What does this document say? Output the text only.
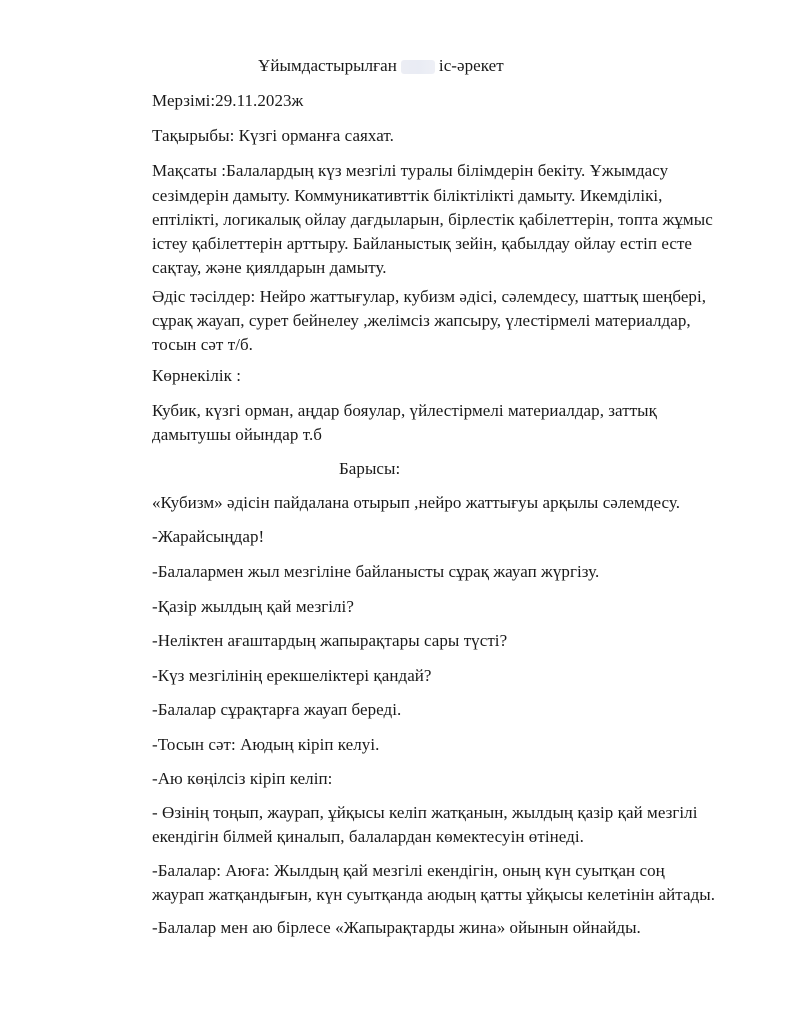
Ұйымдастырылған іс-әрекет
Мерзімі:29.11.2023ж
Тақырыбы: Күзгі орманға саяхат.
Мақсаты :Балалардың күз мезгілі туралы білімдерін бекіту. Ұжымдасу
сезімдерін дамыту. Коммуникативттік біліктілікті дамыту. Икемділікі,
ептілікті, логикалық ойлау дағдыларын, бірлестік қабілеттерін, топта жұмыс
істеу қабілеттерін арттыру. Байланыстық зейін, қабылдау ойлау естіп есте
сақтау, және қиялдарын дамыту.
Әдіс тәсілдер: Нейро жаттығулар, кубизм әдісі, сәлемдесу, шаттық шеңбері,
сұрақ жауап, сурет бейнелеу ,желімсіз жапсыру, үлестірмелі материалдар,
тосын сәт т/б.
Көрнекілік :
Кубик, күзгі орман, аңдар бояулар, үйлестірмелі материалдар, заттық
дамытушы ойындар т.б
Барысы:
«Кубизм» әдісін пайдалана отырып ,нейро жаттығуы арқылы сәлемдесу.
-Жарайсыңдар!
-Балалармен жыл мезгіліне байланысты сұрақ жауап жүргізу.
-Қазір жылдың қай мезгілі?
-Неліктен ағаштардың жапырақтары сары түсті?
-Күз мезгілінің ерекшеліктері қандай?
-Балалар сұрақтарға жауап береді.
-Тосын сәт: Аюдың кіріп келуі.
-Аю көңілсіз кіріп келіп:
- Өзінің тоңып, жаурап, ұйқысы келіп жатқанын, жылдың қазір қай мезгілі
екендігін білмей қиналып, балалардан көмектесуін өтінеді.
-Балалар: Аюға: Жылдың қай мезгілі екендігін, оның күн суытқан соң
жаурап жатқандығын, күн суытқанда аюдың қатты ұйқысы келетінін айтады.
-Балалар мен аю бірлесе «Жапырақтарды жина» ойынын ойнайды.
